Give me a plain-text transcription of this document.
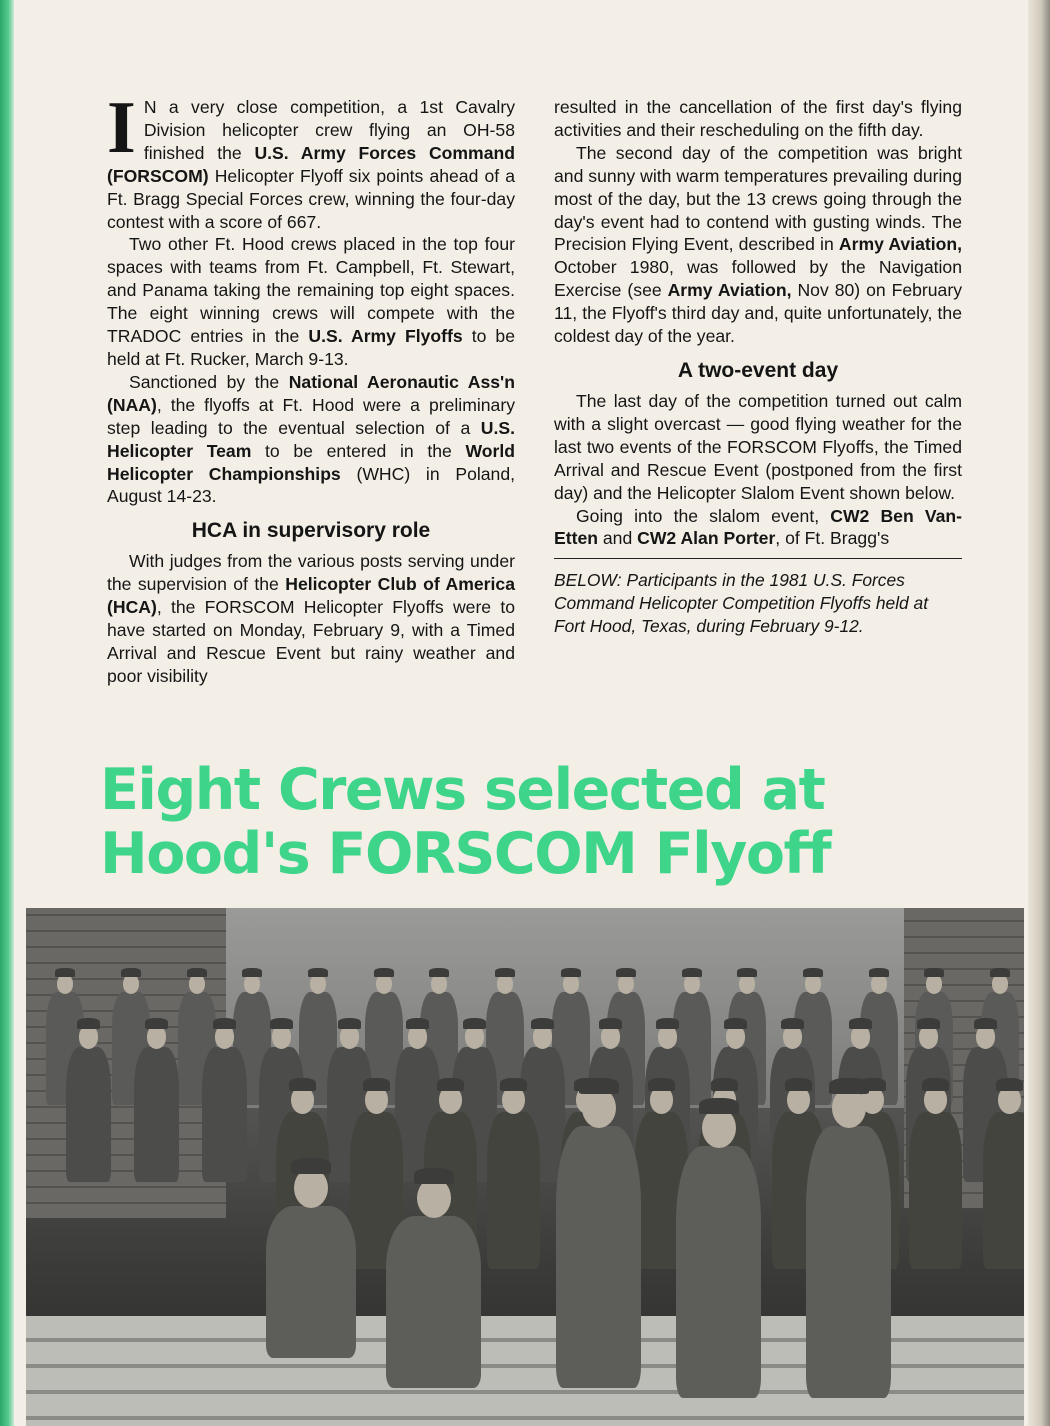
I N a very close competition, a 1st Cavalry Division helicopter crew flying an OH-58 finished the U.S. Army Forces Command (FORSCOM) Helicopter Flyoff six points ahead of a Ft. Bragg Special Forces crew, winning the four-day contest with a score of 667.

Two other Ft. Hood crews placed in the top four spaces with teams from Ft. Campbell, Ft. Stewart, and Panama taking the remaining top eight spaces. The eight winning crews will compete with the TRADOC entries in the U.S. Army Flyoffs to be held at Ft. Rucker, March 9-13.

Sanctioned by the National Aeronautic Ass'n (NAA), the flyoffs at Ft. Hood were a preliminary step leading to the eventual selection of a U.S. Helicopter Team to be entered in the World Helicopter Championships (WHC) in Poland, August 14-23.

HCA in supervisory role

With judges from the various posts serving under the supervision of the Helicopter Club of America (HCA), the FORSCOM Helicopter Flyoffs were to have started on Monday, February 9, with a Timed Arrival and Rescue Event but rainy weather and poor visibility

resulted in the cancellation of the first day's flying activities and their rescheduling on the fifth day.

The second day of the competition was bright and sunny with warm temperatures prevailing during most of the day, but the 13 crews going through the day's event had to contend with gusting winds. The Precision Flying Event, described in Army Aviation, October 1980, was followed by the Navigation Exercise (see Army Aviation, Nov 80) on February 11, the Flyoff's third day and, quite unfortunately, the coldest day of the year.

A two-event day

The last day of the competition turned out calm with a slight overcast — good flying weather for the last two events of the FORSCOM Flyoffs, the Timed Arrival and Rescue Event (postponed from the first day) and the Helicopter Slalom Event shown below.

Going into the slalom event, CW2 Ben Van-Etten and CW2 Alan Porter, of Ft. Bragg's

BELOW: Participants in the 1981 U.S. Forces Command Helicopter Competition Flyoffs held at Fort Hood, Texas, during February 9-12.

Eight Crews selected at
Hood's FORSCOM Flyoff
